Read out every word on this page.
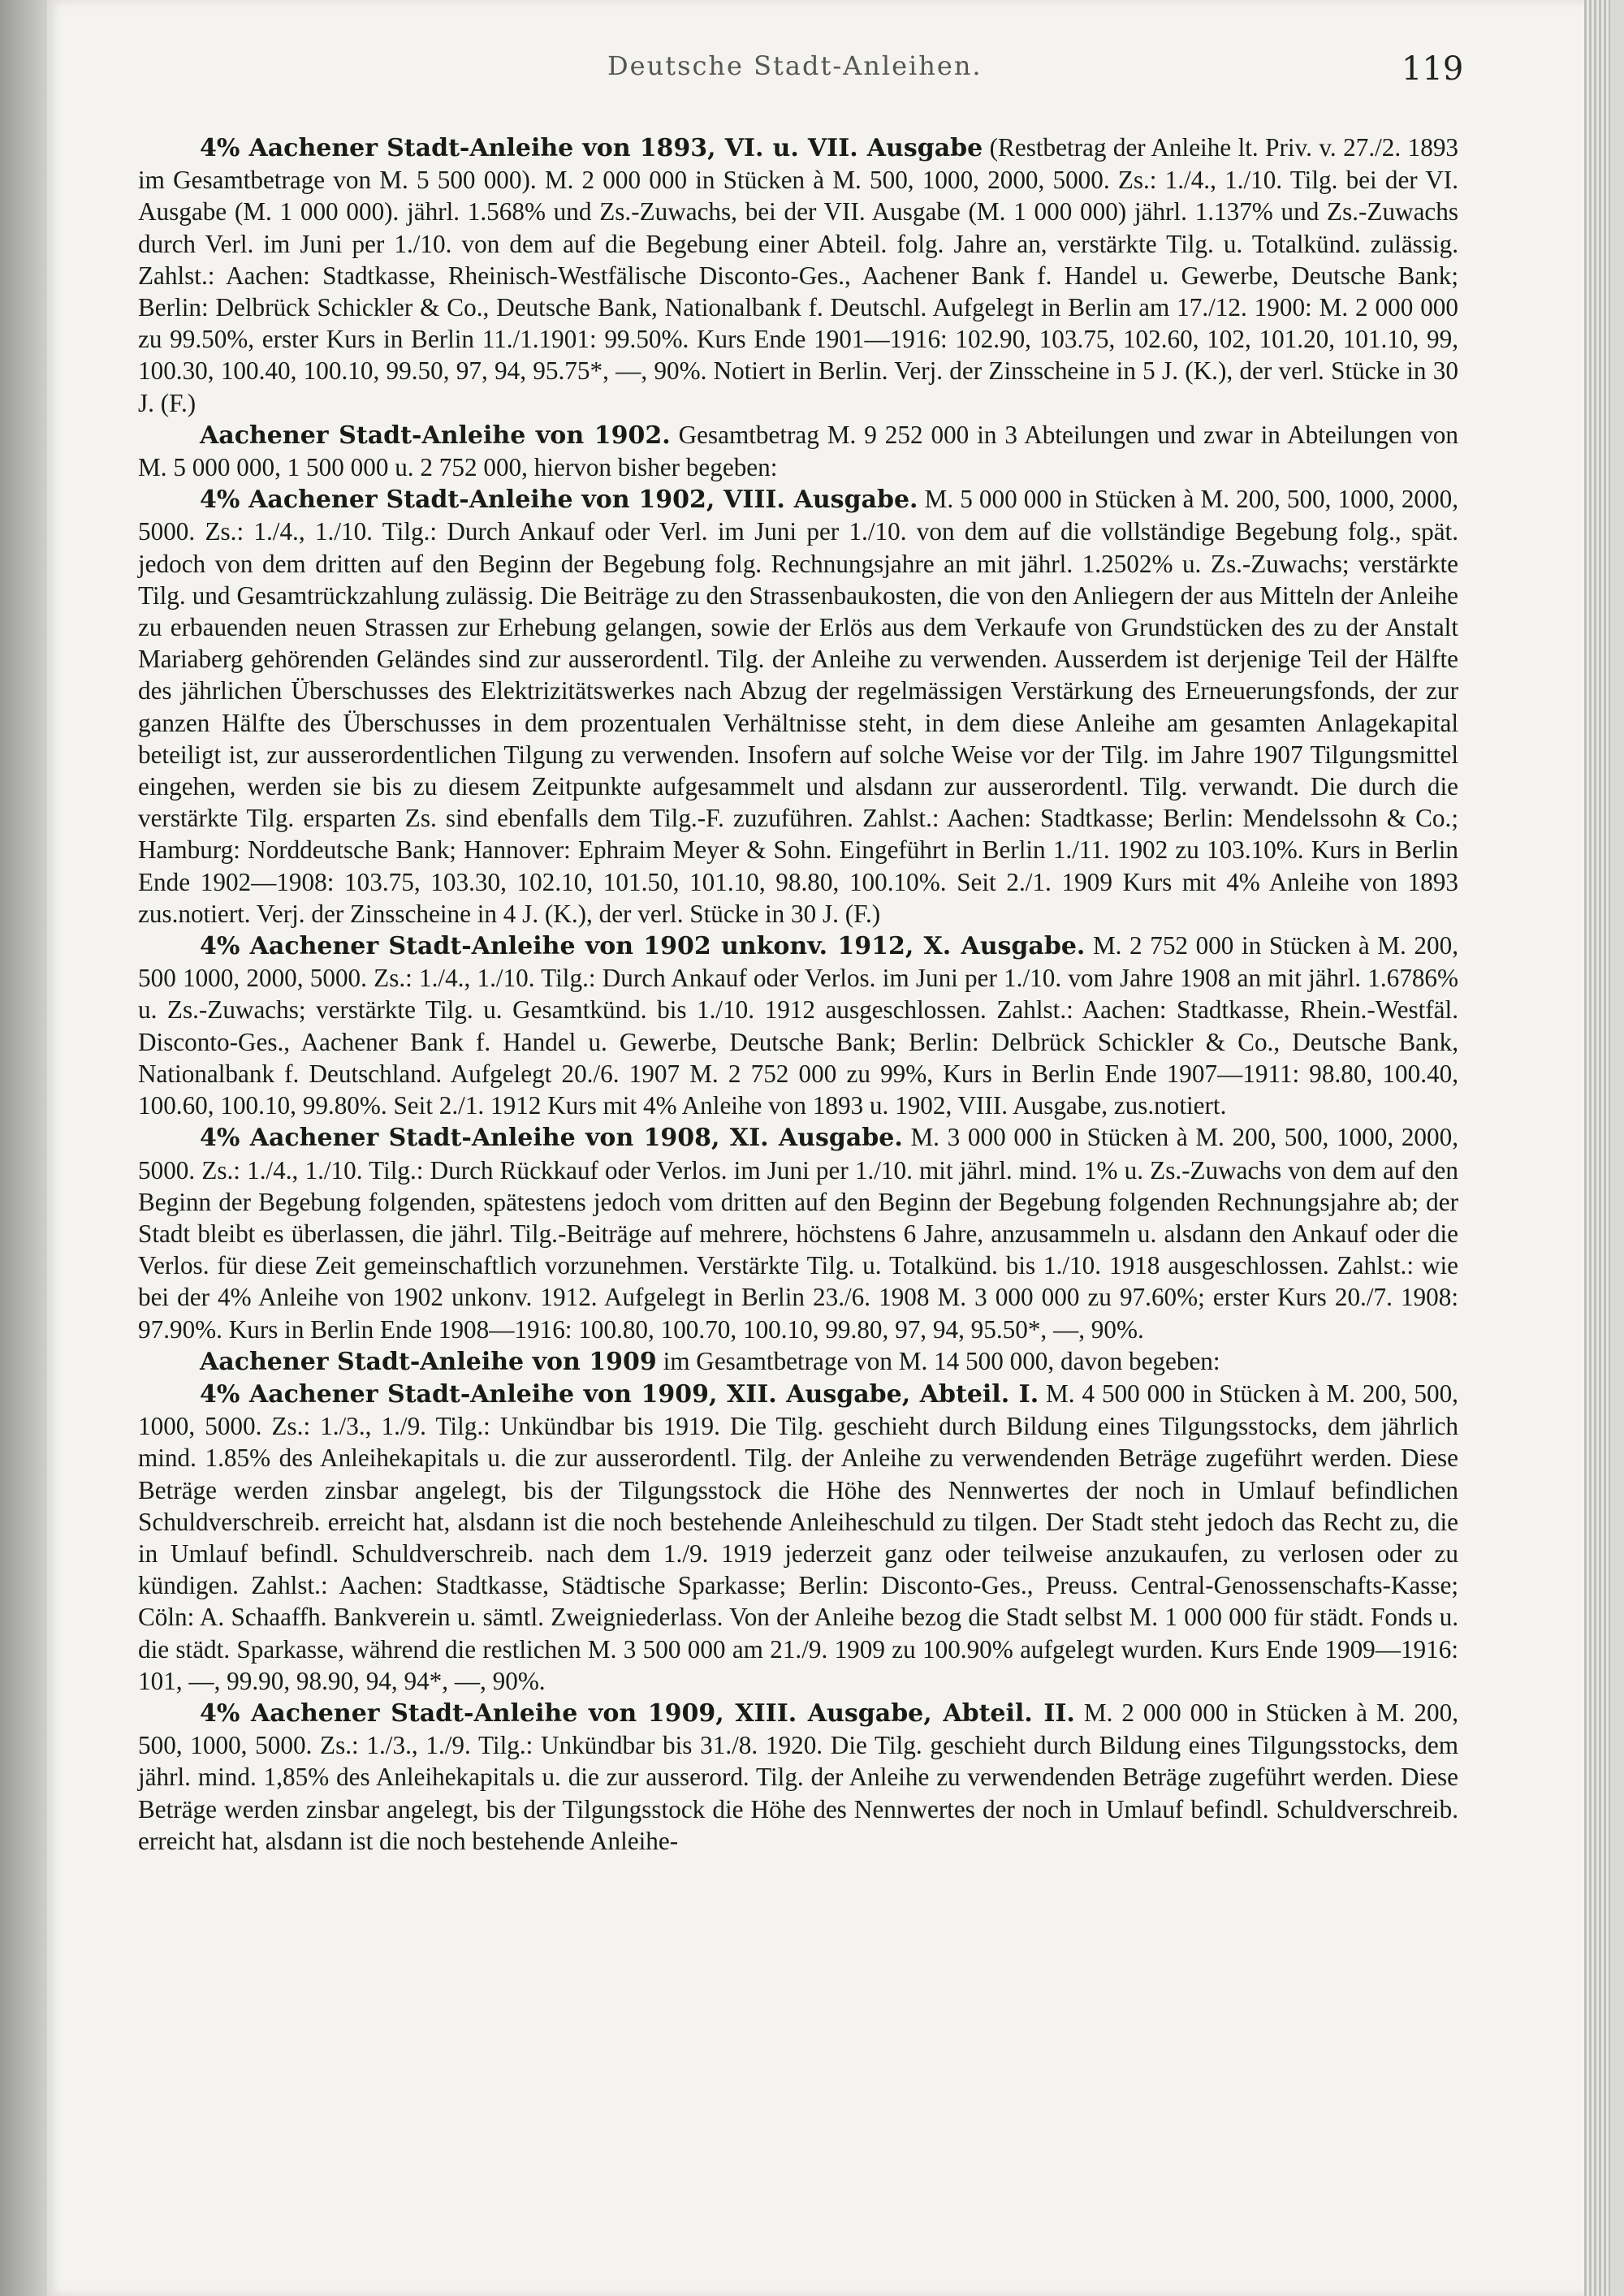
Deutsche Stadt-Anleihen.	119

4% Aachener Stadt-Anleihe von 1893, VI. u. VII. Ausgabe (Restbetrag der Anleihe lt. Priv. v. 27./2. 1893 im Gesamtbetrage von M. 5 500 000). M. 2 000 000 in Stücken à M. 500, 1000, 2000, 5000. Zs.: 1./4., 1./10. Tilg. bei der VI. Ausgabe (M. 1 000 000). jährl. 1.568% und Zs.-Zuwachs, bei der VII. Ausgabe (M. 1 000 000) jährl. 1.137% und Zs.-Zuwachs durch Verl. im Juni per 1./10. von dem auf die Begebung einer Abteil. folg. Jahre an, verstärkte Tilg. u. Totalkünd. zulässig. Zahlst.: Aachen: Stadtkasse, Rheinisch-Westfälische Disconto-Ges., Aachener Bank f. Handel u. Gewerbe, Deutsche Bank; Berlin: Delbrück Schickler & Co., Deutsche Bank, Nationalbank f. Deutschl. Aufgelegt in Berlin am 17./12. 1900: M. 2 000 000 zu 99.50%, erster Kurs in Berlin 11./1.1901: 99.50%. Kurs Ende 1901—1916: 102.90, 103.75, 102.60, 102, 101.20, 101.10, 99, 100.30, 100.40, 100.10, 99.50, 97, 94, 95.75*, —, 90%. Notiert in Berlin. Verj. der Zinsscheine in 5 J. (K.), der verl. Stücke in 30 J. (F.)

Aachener Stadt-Anleihe von 1902. Gesamtbetrag M. 9 252 000 in 3 Abteilungen und zwar in Abteilungen von M. 5 000 000, 1 500 000 u. 2 752 000, hiervon bisher begeben:

4% Aachener Stadt-Anleihe von 1902, VIII. Ausgabe. M. 5 000 000 in Stücken à M. 200, 500, 1000, 2000, 5000. Zs.: 1./4., 1./10. Tilg.: Durch Ankauf oder Verl. im Juni per 1./10. von dem auf die vollständige Begebung folg., spät. jedoch von dem dritten auf den Beginn der Begebung folg. Rechnungsjahre an mit jährl. 1.2502% u. Zs.-Zuwachs; verstärkte Tilg. und Gesamtrückzahlung zulässig. Die Beiträge zu den Strassenbaukosten, die von den Anliegern der aus Mitteln der Anleihe zu erbauenden neuen Strassen zur Erhebung gelangen, sowie der Erlös aus dem Verkaufe von Grundstücken des zu der Anstalt Mariaberg gehörenden Geländes sind zur ausserordentl. Tilg. der Anleihe zu verwenden. Ausserdem ist derjenige Teil der Hälfte des jährlichen Überschusses des Elektrizitätswerkes nach Abzug der regelmässigen Verstärkung des Erneuerungsfonds, der zur ganzen Hälfte des Überschusses in dem prozentualen Verhältnisse steht, in dem diese Anleihe am gesamten Anlagekapital beteiligt ist, zur ausserordentlichen Tilgung zu verwenden. Insofern auf solche Weise vor der Tilg. im Jahre 1907 Tilgungsmittel eingehen, werden sie bis zu diesem Zeitpunkte aufgesammelt und alsdann zur ausserordentl. Tilg. verwandt. Die durch die verstärkte Tilg. ersparten Zs. sind ebenfalls dem Tilg.-F. zuzuführen. Zahlst.: Aachen: Stadtkasse; Berlin: Mendelssohn & Co.; Hamburg: Norddeutsche Bank; Hannover: Ephraim Meyer & Sohn. Eingeführt in Berlin 1./11. 1902 zu 103.10%. Kurs in Berlin Ende 1902—1908: 103.75, 103.30, 102.10, 101.50, 101.10, 98.80, 100.10%. Seit 2./1. 1909 Kurs mit 4% Anleihe von 1893 zus.notiert. Verj. der Zinsscheine in 4 J. (K.), der verl. Stücke in 30 J. (F.)

4% Aachener Stadt-Anleihe von 1902 unkonv. 1912, X. Ausgabe. M. 2 752 000 in Stücken à M. 200, 500 1000, 2000, 5000. Zs.: 1./4., 1./10. Tilg.: Durch Ankauf oder Verlos. im Juni per 1./10. vom Jahre 1908 an mit jährl. 1.6786% u. Zs.-Zuwachs; verstärkte Tilg. u. Gesamtkünd. bis 1./10. 1912 ausgeschlossen. Zahlst.: Aachen: Stadtkasse, Rhein.-Westfäl. Disconto-Ges., Aachener Bank f. Handel u. Gewerbe, Deutsche Bank; Berlin: Delbrück Schickler & Co., Deutsche Bank, Nationalbank f. Deutschland. Aufgelegt 20./6. 1907 M. 2 752 000 zu 99%, Kurs in Berlin Ende 1907—1911: 98.80, 100.40, 100.60, 100.10, 99.80%. Seit 2./1. 1912 Kurs mit 4% Anleihe von 1893 u. 1902, VIII. Ausgabe, zus.notiert.

4% Aachener Stadt-Anleihe von 1908, XI. Ausgabe. M. 3 000 000 in Stücken à M. 200, 500, 1000, 2000, 5000. Zs.: 1./4., 1./10. Tilg.: Durch Rückkauf oder Verlos. im Juni per 1./10. mit jährl. mind. 1% u. Zs.-Zuwachs von dem auf den Beginn der Begebung folgenden, spätestens jedoch vom dritten auf den Beginn der Begebung folgenden Rechnungsjahre ab; der Stadt bleibt es überlassen, die jährl. Tilg.-Beiträge auf mehrere, höchstens 6 Jahre, anzusammeln u. alsdann den Ankauf oder die Verlos. für diese Zeit gemeinschaftlich vorzunehmen. Verstärkte Tilg. u. Totalkünd. bis 1./10. 1918 ausgeschlossen. Zahlst.: wie bei der 4% Anleihe von 1902 unkonv. 1912. Aufgelegt in Berlin 23./6. 1908 M. 3 000 000 zu 97.60%; erster Kurs 20./7. 1908: 97.90%. Kurs in Berlin Ende 1908—1916: 100.80, 100.70, 100.10, 99.80, 97, 94, 95.50*, —, 90%.

Aachener Stadt-Anleihe von 1909 im Gesamtbetrage von M. 14 500 000, davon begeben:

4% Aachener Stadt-Anleihe von 1909, XII. Ausgabe, Abteil. I. M. 4 500 000 in Stücken à M. 200, 500, 1000, 5000. Zs.: 1./3., 1./9. Tilg.: Unkündbar bis 1919. Die Tilg. geschieht durch Bildung eines Tilgungsstocks, dem jährlich mind. 1.85% des Anleihekapitals u. die zur ausserordentl. Tilg. der Anleihe zu verwendenden Beträge zugeführt werden. Diese Beträge werden zinsbar angelegt, bis der Tilgungsstock die Höhe des Nennwertes der noch in Umlauf befindlichen Schuldverschreib. erreicht hat, alsdann ist die noch bestehende Anleiheschuld zu tilgen. Der Stadt steht jedoch das Recht zu, die in Umlauf befindl. Schuldverschreib. nach dem 1./9. 1919 jederzeit ganz oder teilweise anzukaufen, zu verlosen oder zu kündigen. Zahlst.: Aachen: Stadtkasse, Städtische Sparkasse; Berlin: Disconto-Ges., Preuss. Central-Genossenschafts-Kasse; Cöln: A. Schaaffh. Bankverein u. sämtl. Zweigniederlass. Von der Anleihe bezog die Stadt selbst M. 1 000 000 für städt. Fonds u. die städt. Sparkasse, während die restlichen M. 3 500 000 am 21./9. 1909 zu 100.90% aufgelegt wurden. Kurs Ende 1909—1916: 101, —, 99.90, 98.90, 94, 94*, —, 90%.

4% Aachener Stadt-Anleihe von 1909, XIII. Ausgabe, Abteil. II. M. 2 000 000 in Stücken à M. 200, 500, 1000, 5000. Zs.: 1./3., 1./9. Tilg.: Unkündbar bis 31./8. 1920. Die Tilg. geschieht durch Bildung eines Tilgungsstocks, dem jährl. mind. 1,85% des Anleihekapitals u. die zur ausserord. Tilg. der Anleihe zu verwendenden Beträge zugeführt werden. Diese Beträge werden zinsbar angelegt, bis der Tilgungsstock die Höhe des Nennwertes der noch in Umlauf befindl. Schuldverschreib. erreicht hat, alsdann ist die noch bestehende Anleihe-
